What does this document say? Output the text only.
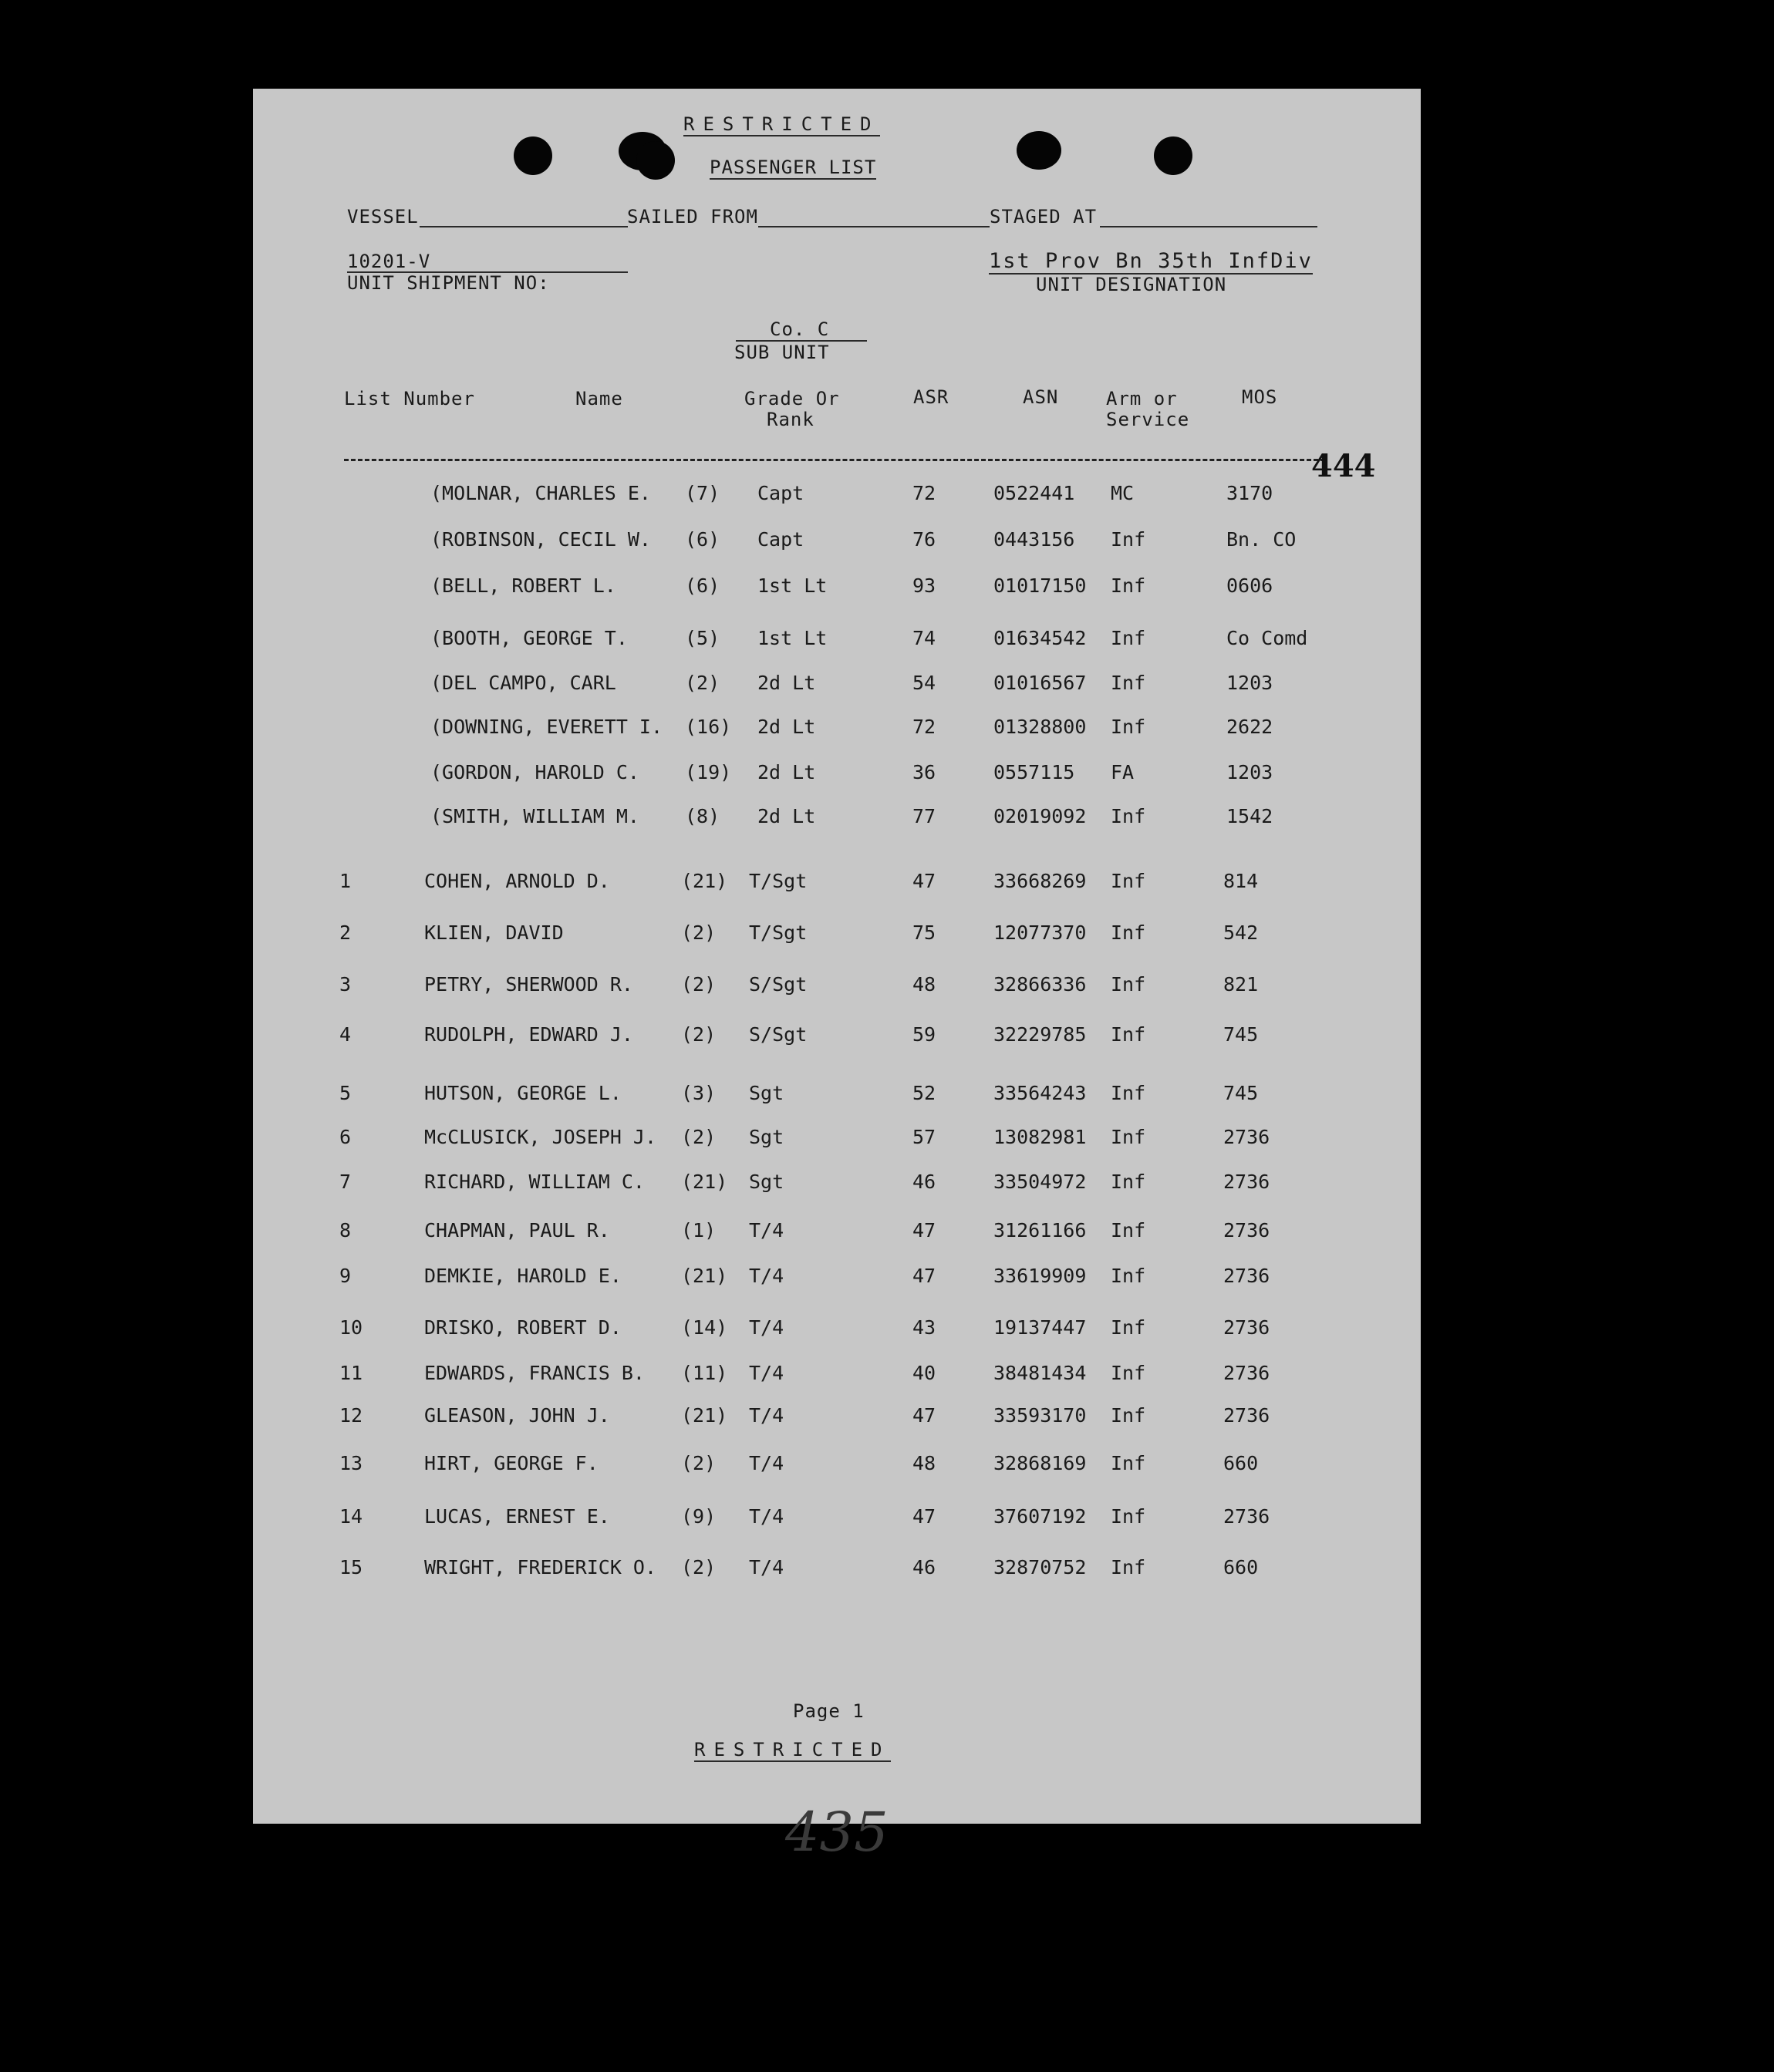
RESTRICTED
PASSENGER LIST
VESSEL	SAILED FROM	STAGED AT
10201-V
UNIT SHIPMENT NO:
1st Prov Bn 35th InfDiv
UNIT DESIGNATION
Co. C
SUB UNIT
List Number	Name	Grade Or
Rank
ASR	ASN	Arm or
Service
MOS
444
(MOLNAR, CHARLES E. (7) Capt	72	0522441 MC	3170
(ROBINSON, CECIL W. (6) Capt	76	0443156 Inf	Bn. CO
(BELL, ROBERT L.	(6) 1st Lt	93	01017150 Inf	0606
(BOOTH, GEORGE T.	(5) 1st Lt	74	01634542 Inf	Co Comd
(DEL CAMPO, CARL	(2) 2d Lt	54	01016567 Inf	1203
(DOWNING, EVERETT I. (16) 2d Lt	72	01328800 Inf	2622
(GORDON, HAROLD C. (19) 2d Lt	36	0557115 FA	1203
(SMITH, WILLIAM M. (8) 2d Lt	77	02019092 Inf	1542
1	COHEN, ARNOLD D.	(21) T/Sgt	47	33668269 Inf	814
2	KLIEN, DAVID	(2) T/Sgt	75	12077370 Inf	542
3	PETRY, SHERWOOD R. (2) S/Sgt	48	32866336 Inf	821
4	RUDOLPH, EDWARD J. (2) S/Sgt	59	32229785 Inf	745
5	HUTSON, GEORGE L.	(3) Sgt	52	33564243 Inf	745
6	McCLUSICK, JOSEPH J. (2) Sgt	57	13082981 Inf	2736
7	RICHARD, WILLIAM C. (21) Sgt	46	33504972 Inf	2736
8	CHAPMAN, PAUL R.	(1) T/4	47	31261166 Inf	2736
9	DEMKIE, HAROLD E.	(21) T/4	47	33619909 Inf	2736
10	DRISKO, ROBERT D.	(14) T/4	43	19137447 Inf	2736
11	EDWARDS, FRANCIS B. (11) T/4	40	38481434 Inf	2736
12	GLEASON, JOHN J.	(21) T/4	47	33593170 Inf	2736
13	HIRT, GEORGE F.	(2) T/4	48	32868169 Inf	660
14	LUCAS, ERNEST E.	(9) T/4	47	37607192 Inf	2736
15	WRIGHT, FREDERICK O. (2) T/4	46	32870752 Inf	660
Page 1
RESTRICTED
435
